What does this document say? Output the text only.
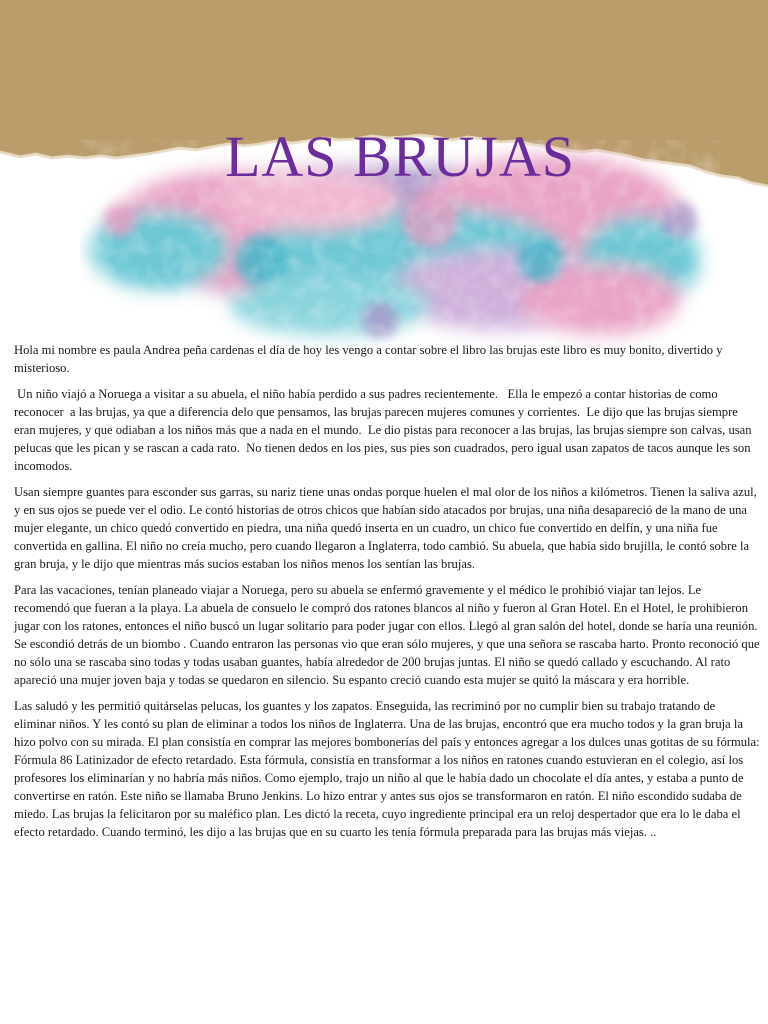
LAS BRUJAS

Hola mi nombre es paula Andrea peña cardenas el día de hoy les vengo a contar sobre el libro las brujas este libro es muy bonito, divertido y misterioso.

Un niño viajó a Noruega a visitar a su abuela, el niño había perdido a sus padres recientemente.   Ella le empezó a contar historias de como reconocer  a las brujas, ya que a diferencia delo que pensamos, las brujas parecen mujeres comunes y corrientes.  Le dijo que las brujas siempre eran mujeres, y que odiaban a los niños más que a nada en el mundo.  Le dio pistas para reconocer a las brujas, las brujas siempre son calvas, usan pelucas que les pican y se rascan a cada rato.  No tienen dedos en los pies, sus pies son cuadrados, pero igual usan zapatos de tacos aunque les son incomodos.

Usan siempre guantes para esconder sus garras, su nariz tiene unas ondas porque huelen el mal olor de los niños a kilómetros. Tienen la saliva azul, y en sus ojos se puede ver el odio. Le contó historias de otros chicos que habían sido atacados por brujas, una niña desapareció de la mano de una mujer elegante, un chico quedó convertido en piedra, una niña quedó inserta en un cuadro, un chico fue convertido en delfín, y una niña fue convertida en gallina. El niño no creía mucho, pero cuando llegaron a Inglaterra, todo cambió. Su abuela, que había sido brujilla, le contó sobre la gran bruja, y le dijo que mientras más sucios estaban los niños menos los sentían las brujas.

Para las vacaciones, tenían planeado viajar a Noruega, pero su abuela se enfermó gravemente y el médico le prohibió viajar tan lejos. Le recomendó que fueran a la playa. La abuela de consuelo le compró dos ratones blancos al niño y fueron al Gran Hotel. En el Hotel, le prohibieron jugar con los ratones, entonces el niño buscó un lugar solitario para poder jugar con ellos. Llegó al gran salón del hotel, donde se haría una reunión. Se escondió detrás de un biombo . Cuando entraron las personas vio que eran sólo mujeres, y que una señora se rascaba harto. Pronto reconoció que no sólo una se rascaba sino todas y todas usaban guantes, había alrededor de 200 brujas juntas. El niño se quedó callado y escuchando. Al rato apareció una mujer joven baja y todas se quedaron en silencio. Su espanto creció cuando esta mujer se quitó la máscara y era horrible.

Las saludó y les permitió quitárselas pelucas, los guantes y los zapatos. Enseguida, las recriminó por no cumplir bien su trabajo tratando de eliminar niños. Y les contó su plan de eliminar a todos los niños de Inglaterra. Una de las brujas, encontró que era mucho todos y la gran bruja la hizo polvo con su mirada. El plan consistía en comprar las mejores bombonerías del país y entonces agregar a los dulces unas gotitas de su fórmula: Fórmula 86 Latinizador de efecto retardado. Esta fórmula, consistía en transformar a los niños en ratones cuando estuvieran en el colegio, así los profesores los eliminarían y no habría más niños. Como ejemplo, trajo un niño al que le había dado un chocolate el día antes, y estaba a punto de convertirse en ratón. Este niño se llamaba Bruno Jenkins. Lo hizo entrar y antes sus ojos se transformaron en ratón. El niño escondido sudaba de miedo. Las brujas la felicitaron por su maléfico plan. Les dictó la receta, cuyo ingrediente principal era un reloj despertador que era lo le daba el efecto retardado. Cuando terminó, les dijo a las brujas que en su cuarto les tenía fórmula preparada para las brujas más viejas. ..
